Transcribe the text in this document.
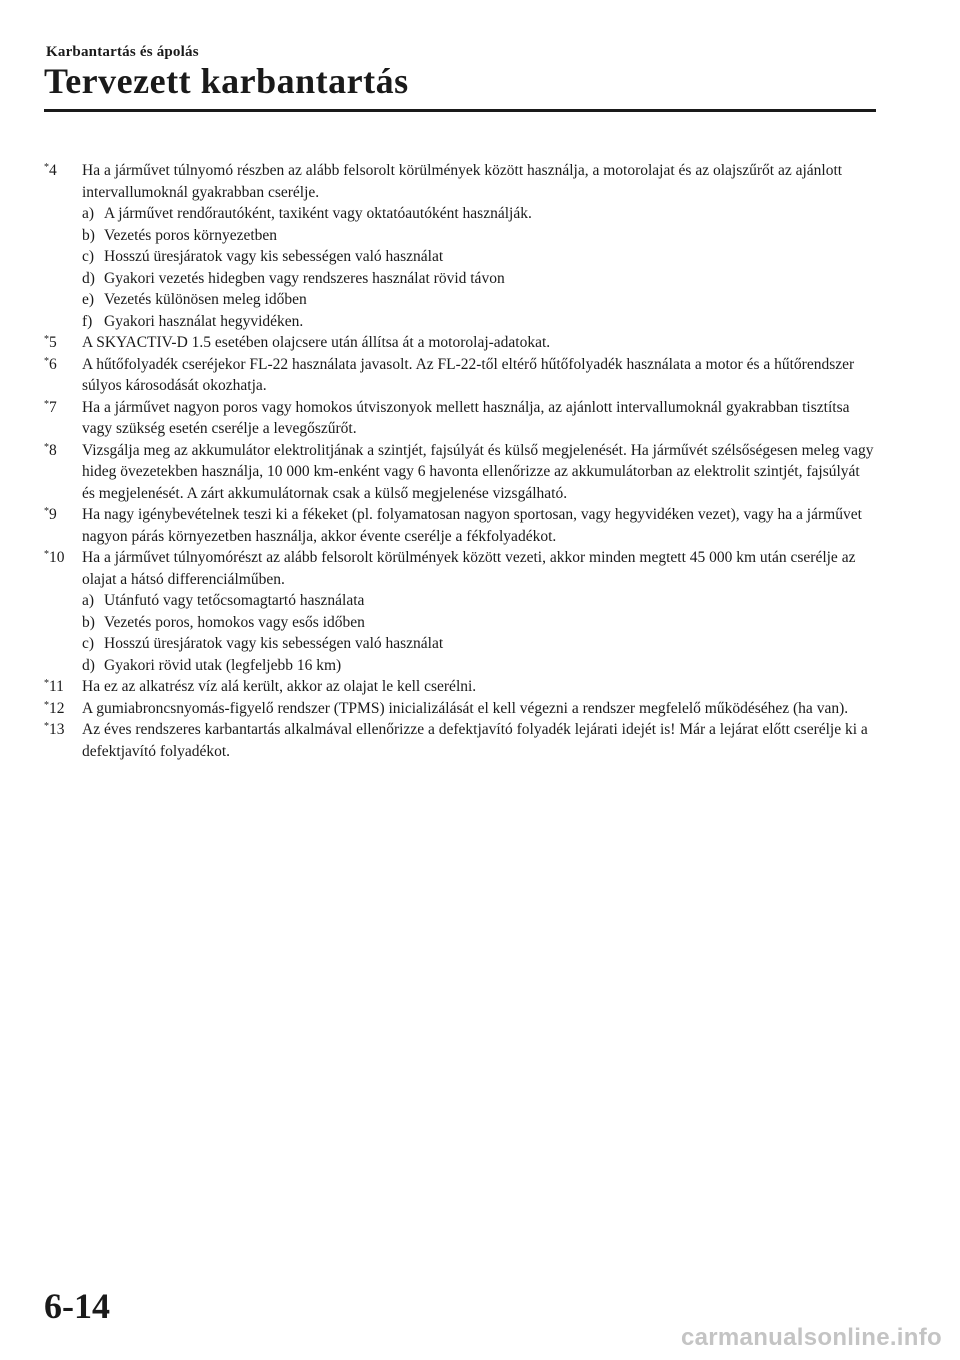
Karbantartás és ápolás
Tervezett karbantartás
*4	Ha a járművet túlnyomó részben az alább felsorolt körülmények között használja, a motorolajat és az olajszűrőt az ajánlott intervallumoknál gyakrabban cserélje.
a) A járművet rendőrautóként, taxiként vagy oktatóautóként használják.
b) Vezetés poros környezetben
c) Hosszú üresjáratok vagy kis sebességen való használat
d) Gyakori vezetés hidegben vagy rendszeres használat rövid távon
e) Vezetés különösen meleg időben
f) Gyakori használat hegyvidéken.
*5	A SKYACTIV-D 1.5 esetében olajcsere után állítsa át a motorolaj-adatokat.
*6	A hűtőfolyadék cseréjekor FL-22 használata javasolt. Az FL-22-től eltérő hűtőfolyadék használata a motor és a hűtőrendszer súlyos károsodását okozhatja.
*7	Ha a járművet nagyon poros vagy homokos útviszonyok mellett használja, az ajánlott intervallumoknál gyakrabban tisztítsa vagy szükség esetén cserélje a levegőszűrőt.
*8	Vizsgálja meg az akkumulátor elektrolitjának a szintjét, fajsúlyát és külső megjelenését. Ha járművét szélsőségesen meleg vagy hideg övezetekben használja, 10 000 km-enként vagy 6 havonta ellenőrizze az akkumulátorban az elektrolit szintjét, fajsúlyát és megjelenését. A zárt akkumulátornak csak a külső megjelenése vizsgálható.
*9	Ha nagy igénybevételnek teszi ki a fékeket (pl. folyamatosan nagyon sportosan, vagy hegyvidéken vezet), vagy ha a járművet nagyon párás környezetben használja, akkor évente cserélje a fékfolyadékot.
*10	Ha a járművet túlnyomórészt az alább felsorolt körülmények között vezeti, akkor minden megtett 45 000 km után cserélje az olajat a hátsó differenciálműben.
a) Utánfutó vagy tetőcsomagtartó használata
b) Vezetés poros, homokos vagy esős időben
c) Hosszú üresjáratok vagy kis sebességen való használat
d) Gyakori rövid utak (legfeljebb 16 km)
*11	Ha ez az alkatrész víz alá került, akkor az olajat le kell cserélni.
*12	A gumiabroncsnyomás-figyelő rendszer (TPMS) inicializálását el kell végezni a rendszer megfelelő működéséhez (ha van).
*13	Az éves rendszeres karbantartás alkalmával ellenőrizze a defektjavító folyadék lejárati idejét is! Már a lejárat előtt cserélje ki a defektjavító folyadékot.
6-14
carmanualsonline.info
